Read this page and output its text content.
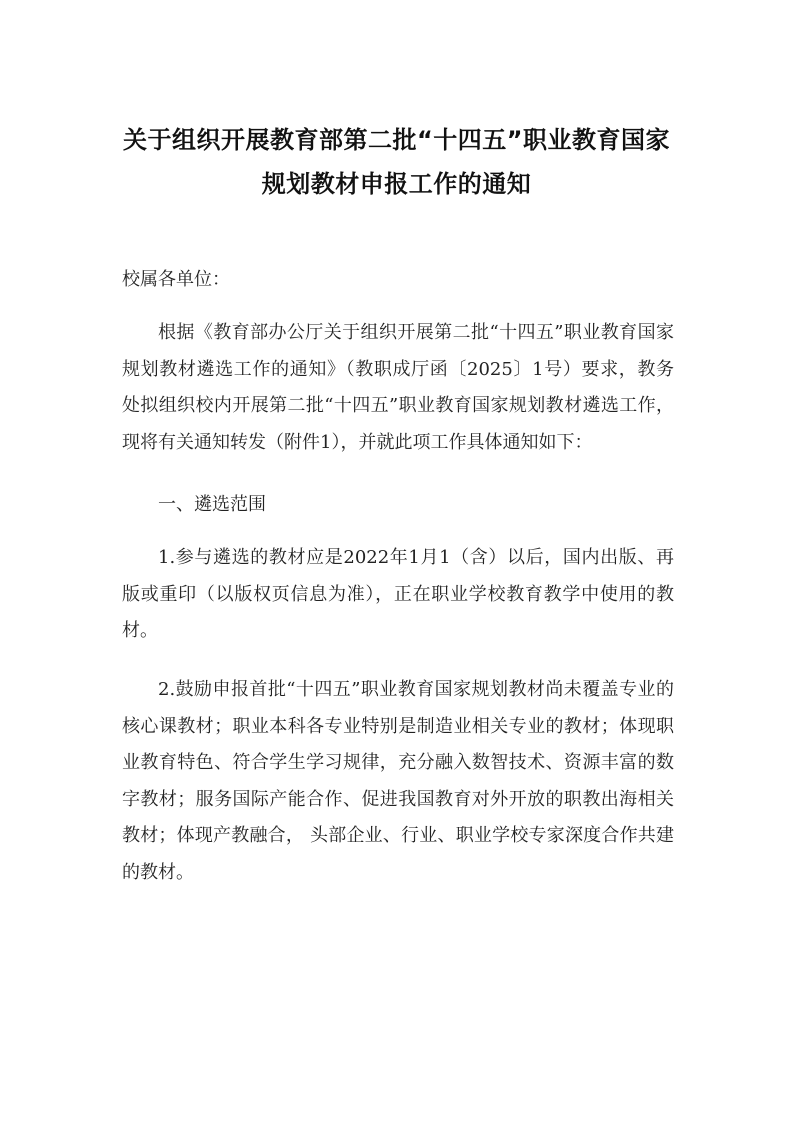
关于组织开展教育部第二批“十四五”职业教育国家
规划教材申报工作的通知
校属各单位：
根据《教育部办公厅关于组织开展第二批“十四五”职业教育国家规划教材遴选工作的通知》（教职成厅函〔2025〕1号）要求，教务处拟组织校内开展第二批“十四五”职业教育国家规划教材遴选工作，现将有关通知转发（附件1），并就此项工作具体通知如下：
一、遴选范围
1.参与遴选的教材应是2022年1月1（含）以后，国内出版、再版或重印（以版权页信息为准），正在职业学校教育教学中使用的教材。
2.鼓励申报首批“十四五”职业教育国家规划教材尚未覆盖专业的核心课教材；职业本科各专业特别是制造业相关专业的教材；体现职业教育特色、符合学生学习规律，充分融入数智技术、资源丰富的数字教材；服务国际产能合作、促进我国教育对外开放的职教出海相关教材；体现产教融合， 头部企业、行业、职业学校专家深度合作共建的教材。
